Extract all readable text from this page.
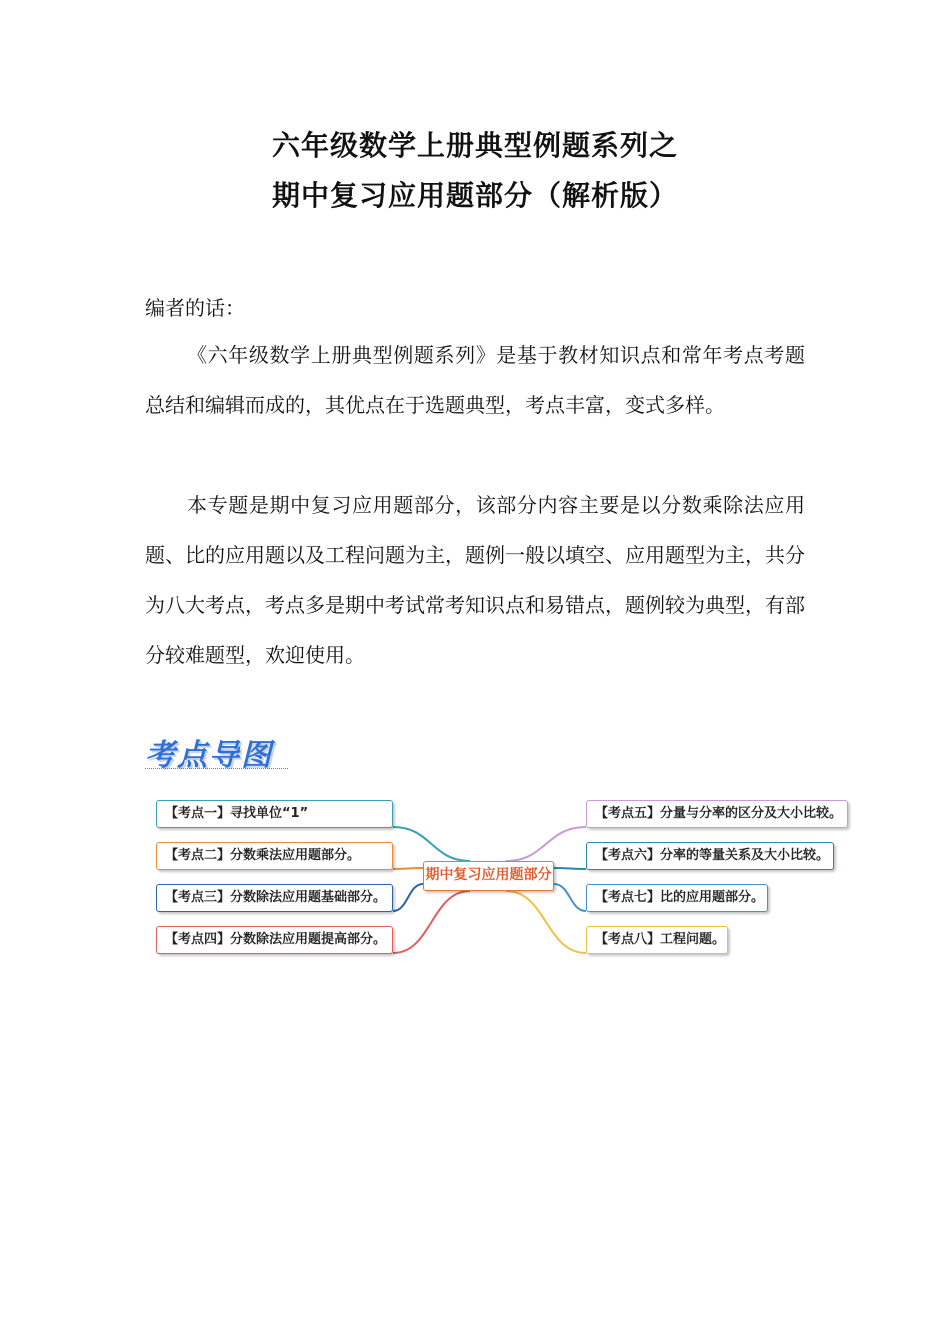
六年级数学上册典型例题系列之
期中复习应用题部分（解析版）
编者的话：

《六年级数学上册典型例题系列》是基于教材知识点和常年考点考题总结和编辑而成的，其优点在于选题典型，考点丰富，变式多样。

本专题是期中复习应用题部分，该部分内容主要是以分数乘除法应用题、比的应用题以及工程问题为主，题例一般以填空、应用题型为主，共分为八大考点，考点多是期中考试常考知识点和易错点，题例较为典型，有部分较难题型，欢迎使用。

考点导图
期中复习应用题部分
【考点一】寻找单位“1”
【考点二】分数乘法应用题部分。
【考点三】分数除法应用题基础部分。
【考点四】分数除法应用题提高部分。
【考点五】分量与分率的区分及大小比较。
【考点六】分率的等量关系及大小比较。
【考点七】比的应用题部分。
【考点八】工程问题。
